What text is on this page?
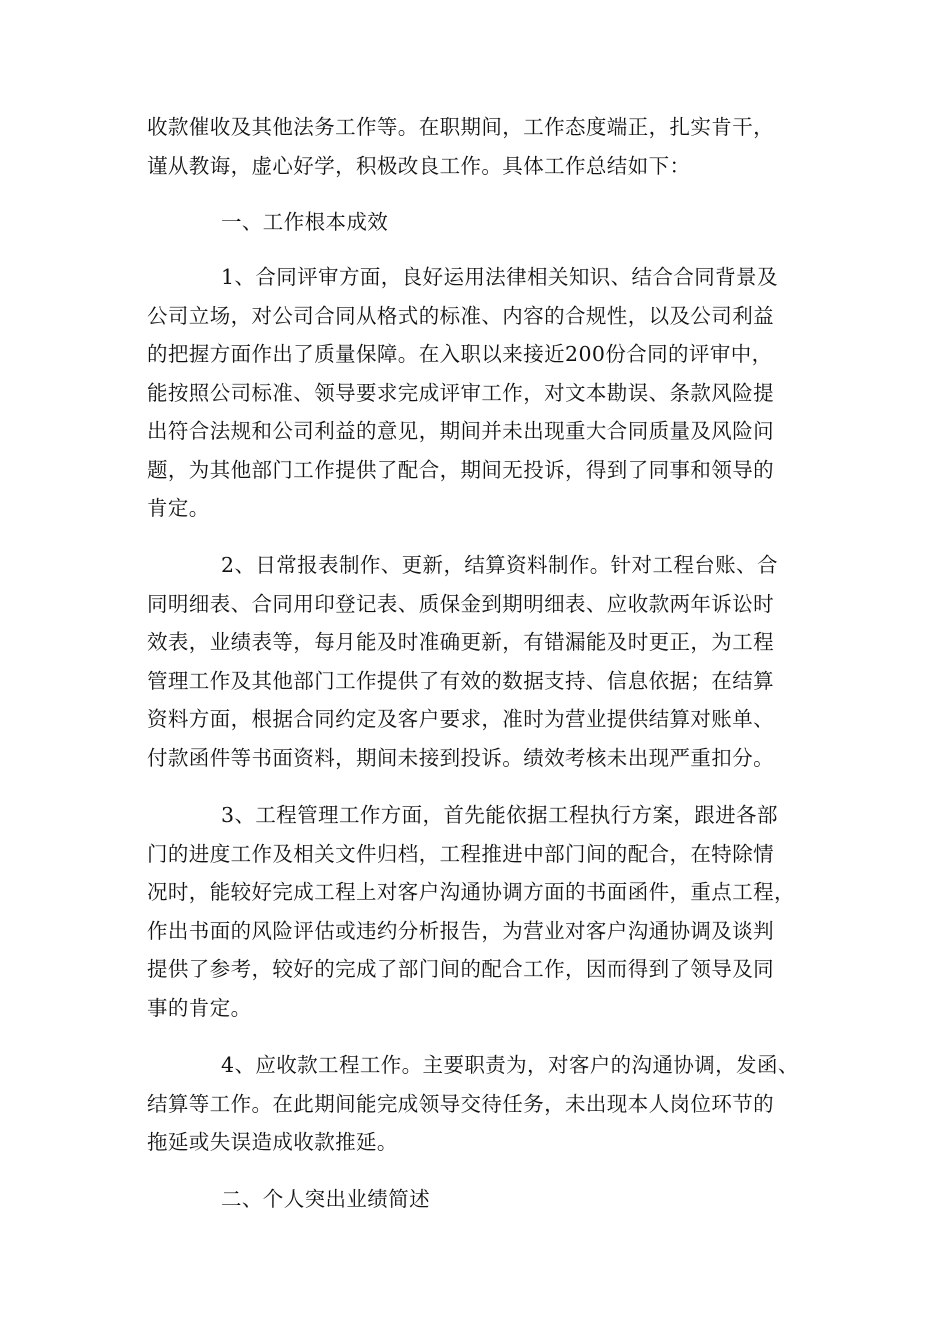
收款催收及其他法务工作等。在职期间，工作态度端正，扎实肯干，
谨从教诲，虚心好学，积极改良工作。具体工作总结如下：
一、工作根本成效
1、合同评审方面，良好运用法律相关知识、结合合同背景及
公司立场，对公司合同从格式的标准、内容的合规性，以及公司利益
的把握方面作出了质量保障。在入职以来接近200份合同的评审中，
能按照公司标准、领导要求完成评审工作，对文本勘误、条款风险提
出符合法规和公司利益的意见，期间并未出现重大合同质量及风险问
题，为其他部门工作提供了配合，期间无投诉，得到了同事和领导的
肯定。
2、日常报表制作、更新，结算资料制作。针对工程台账、合
同明细表、合同用印登记表、质保金到期明细表、应收款两年诉讼时
效表，业绩表等，每月能及时准确更新，有错漏能及时更正，为工程
管理工作及其他部门工作提供了有效的数据支持、信息依据；在结算
资料方面，根据合同约定及客户要求，准时为营业提供结算对账单、
付款函件等书面资料，期间未接到投诉。绩效考核未出现严重扣分。
3、工程管理工作方面，首先能依据工程执行方案，跟进各部
门的进度工作及相关文件归档，工程推进中部门间的配合，在特除情
况时，能较好完成工程上对客户沟通协调方面的书面函件，重点工程，
作出书面的风险评估或违约分析报告，为营业对客户沟通协调及谈判
提供了参考，较好的完成了部门间的配合工作，因而得到了领导及同
事的肯定。
4、应收款工程工作。主要职责为，对客户的沟通协调，发函、
结算等工作。在此期间能完成领导交待任务，未出现本人岗位环节的
拖延或失误造成收款推延。
二、个人突出业绩简述
